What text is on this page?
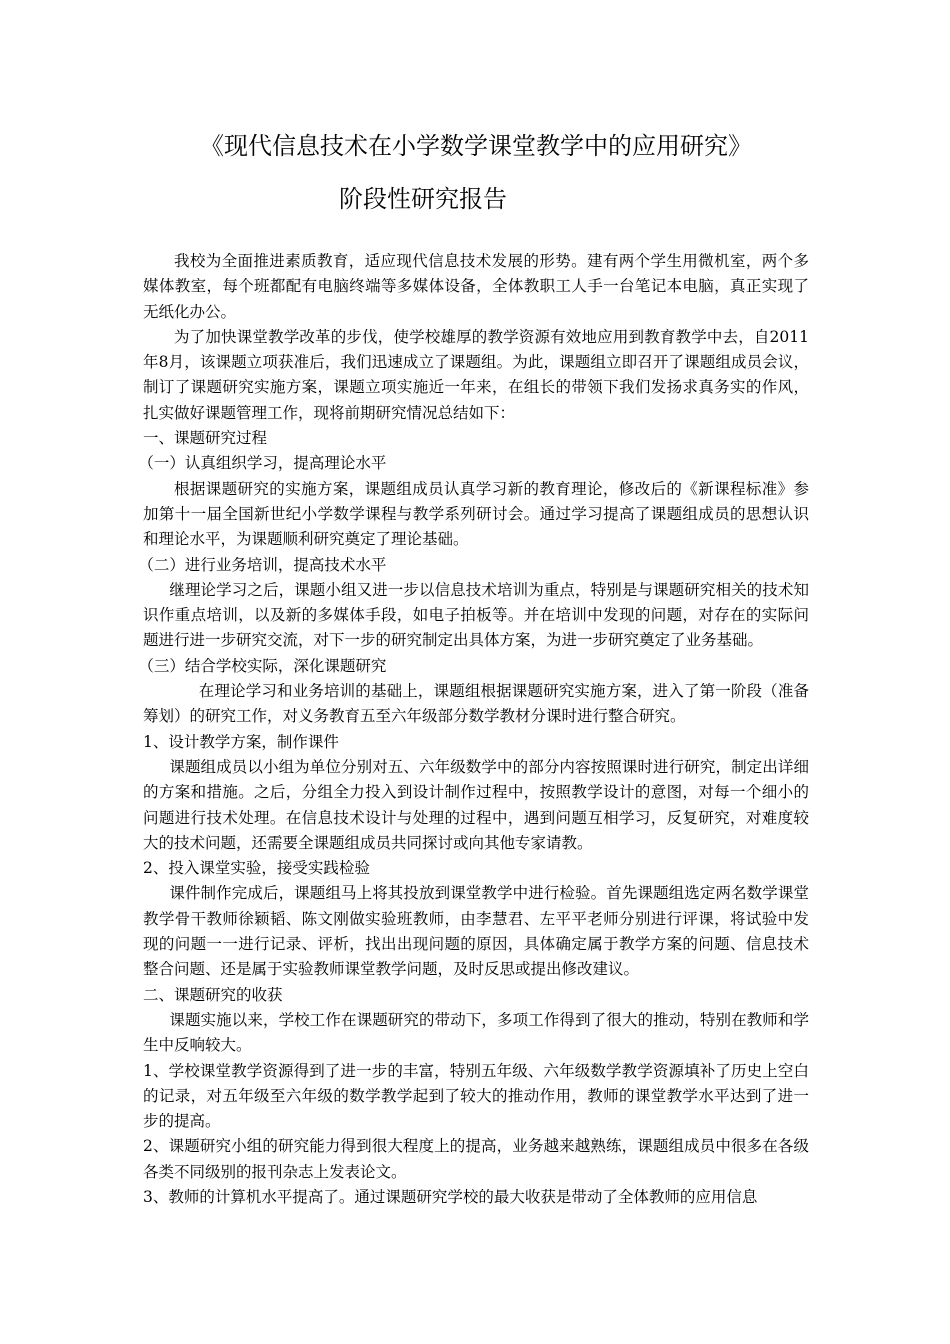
《现代信息技术在小学数学课堂教学中的应用研究》
阶段性研究报告

我校为全面推进素质教育，适应现代信息技术发展的形势。建有两个学生用微机室，两个多媒体教室，每个班都配有电脑终端等多媒体设备，全体教职工人手一台笔记本电脑，真正实现了无纸化办公。

为了加快课堂教学改革的步伐，使学校雄厚的教学资源有效地应用到教育教学中去，自2011年8月，该课题立项获准后，我们迅速成立了课题组。为此，课题组立即召开了课题组成员会议，制订了课题研究实施方案，课题立项实施近一年来，在组长的带领下我们发扬求真务实的作风，扎实做好课题管理工作，现将前期研究情况总结如下：

一、课题研究过程

（一）认真组织学习，提高理论水平

根据课题研究的实施方案，课题组成员认真学习新的教育理论，修改后的《新课程标准》参加第十一届全国新世纪小学数学课程与教学系列研讨会。通过学习提高了课题组成员的思想认识和理论水平，为课题顺利研究奠定了理论基础。

（二）进行业务培训，提高技术水平

继理论学习之后，课题小组又进一步以信息技术培训为重点，特别是与课题研究相关的技术知识作重点培训，以及新的多媒体手段，如电子拍板等。并在培训中发现的问题，对存在的实际问题进行进一步研究交流，对下一步的研究制定出具体方案，为进一步研究奠定了业务基础。

（三）结合学校实际，深化课题研究

在理论学习和业务培训的基础上，课题组根据课题研究实施方案，进入了第一阶段（准备筹划）的研究工作，对义务教育五至六年级部分数学教材分课时进行整合研究。

1、设计教学方案，制作课件

课题组成员以小组为单位分别对五、六年级数学中的部分内容按照课时进行研究，制定出详细的方案和措施。之后，分组全力投入到设计制作过程中，按照教学设计的意图，对每一个细小的问题进行技术处理。在信息技术设计与处理的过程中，遇到问题互相学习，反复研究，对难度较大的技术问题，还需要全课题组成员共同探讨或向其他专家请教。

2、投入课堂实验，接受实践检验

课件制作完成后，课题组马上将其投放到课堂教学中进行检验。首先课题组选定两名数学课堂教学骨干教师徐颖韬、陈文刚做实验班教师，由李慧君、左平平老师分别进行评课，将试验中发现的问题一一进行记录、评析，找出出现问题的原因，具体确定属于教学方案的问题、信息技术整合问题、还是属于实验教师课堂教学问题，及时反思或提出修改建议。

二、课题研究的收获

课题实施以来，学校工作在课题研究的带动下，多项工作得到了很大的推动，特别在教师和学生中反响较大。

1、学校课堂教学资源得到了进一步的丰富，特别五年级、六年级数学教学资源填补了历史上空白的记录，对五年级至六年级的数学教学起到了较大的推动作用，教师的课堂教学水平达到了进一步的提高。

2、课题研究小组的研究能力得到很大程度上的提高，业务越来越熟练，课题组成员中很多在各级各类不同级别的报刊杂志上发表论文。

3、教师的计算机水平提高了。通过课题研究学校的最大收获是带动了全体教师的应用信息
